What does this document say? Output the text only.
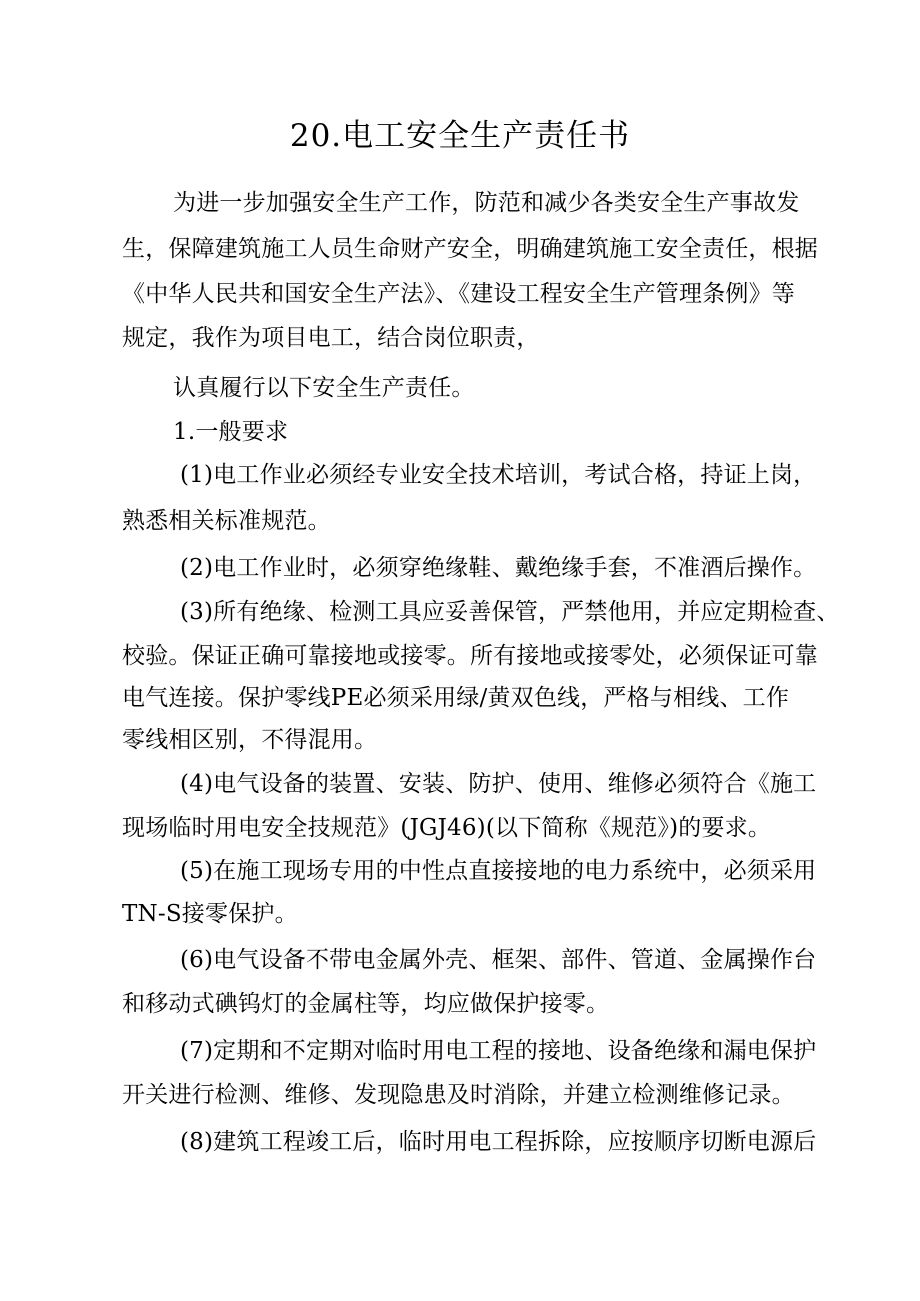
20.电工安全生产责任书
为进一步加强安全生产工作，防范和减少各类安全生产事故发
生，保障建筑施工人员生命财产安全，明确建筑施工安全责任，根据
《中华人民共和国安全生产法》、《建设工程安全生产管理条例》等
规定，我作为项目电工，结合岗位职责，
认真履行以下安全生产责任。
1.一般要求
(1)电工作业必须经专业安全技术培训，考试合格，持证上岗，
熟悉相关标准规范。
(2)电工作业时，必须穿绝缘鞋、戴绝缘手套，不准酒后操作。
(3)所有绝缘、检测工具应妥善保管，严禁他用，并应定期检查、
校验。保证正确可靠接地或接零。所有接地或接零处，必须保证可靠
电气连接。保护零线PE必须采用绿/黄双色线，严格与相线、工作
零线相区别，不得混用。
(4)电气设备的装置、安装、防护、使用、维修必须符合《施工
现场临时用电安全技规范》(JGJ46)(以下简称《规范》)的要求。
(5)在施工现场专用的中性点直接接地的电力系统中，必须采用
TN-S接零保护。
(6)电气设备不带电金属外壳、框架、部件、管道、金属操作台
和移动式碘钨灯的金属柱等，均应做保护接零。
(7)定期和不定期对临时用电工程的接地、设备绝缘和漏电保护
开关进行检测、维修、发现隐患及时消除，并建立检测维修记录。
(8)建筑工程竣工后，临时用电工程拆除，应按顺序切断电源后
